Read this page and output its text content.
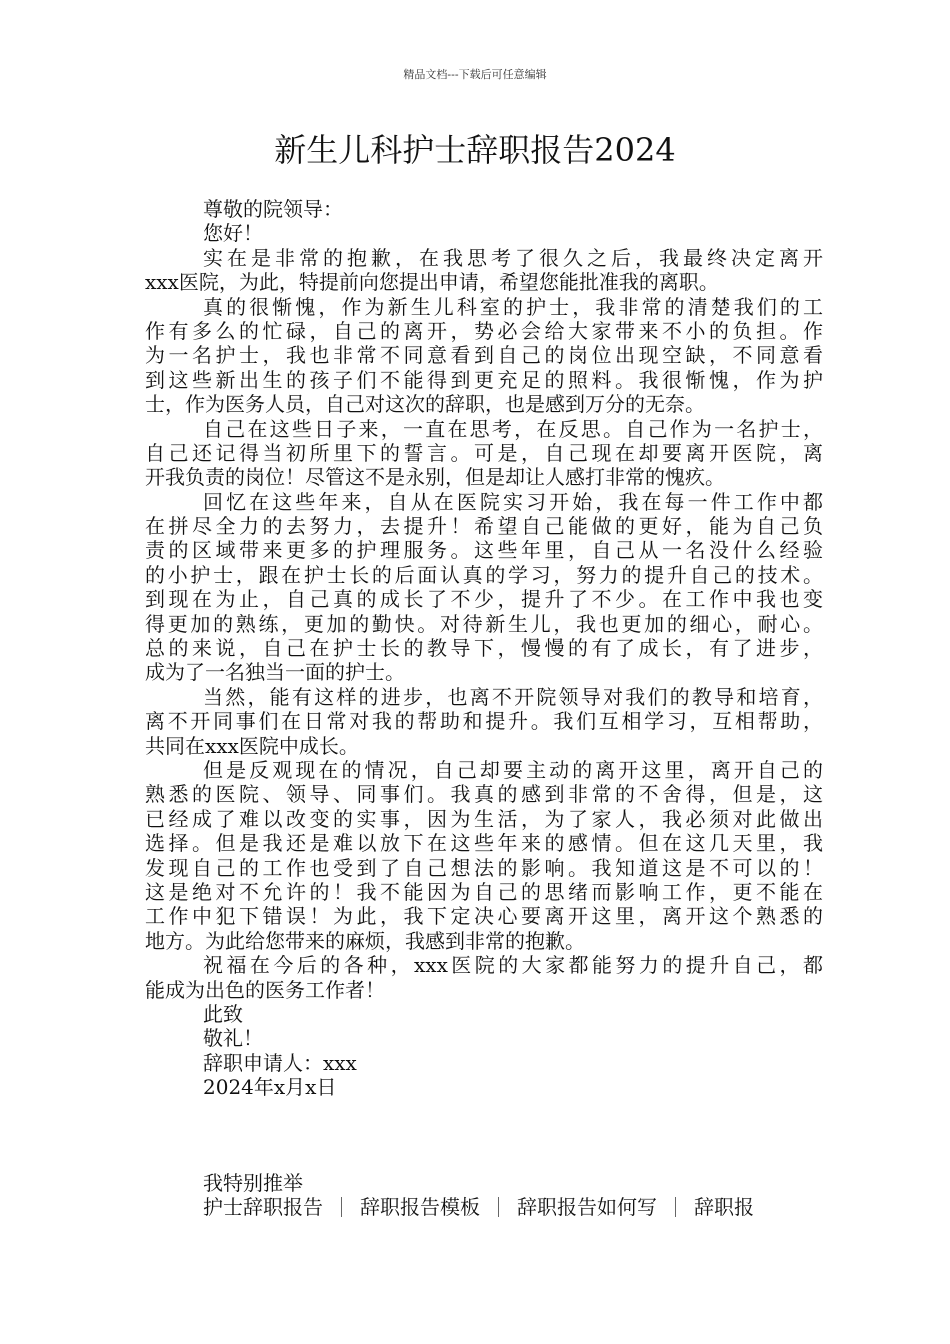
精品文档---下载后可任意编辑
新生儿科护士辞职报告2024
尊敬的院领导：
您好！
实在是非常的抱歉，在我思考了很久之后，我最终决定离开
xxx医院，为此，特提前向您提出申请，希望您能批准我的离职。
真的很惭愧，作为新生儿科室的护士，我非常的清楚我们的工
作有多么的忙碌，自己的离开，势必会给大家带来不小的负担。作
为一名护士，我也非常不同意看到自己的岗位出现空缺，不同意看
到这些新出生的孩子们不能得到更充足的照料。我很惭愧，作为护
士，作为医务人员，自己对这次的辞职，也是感到万分的无奈。
自己在这些日子来，一直在思考，在反思。自己作为一名护士，
自己还记得当初所里下的誓言。可是，自己现在却要离开医院，离
开我负责的岗位！尽管这不是永别，但是却让人感打非常的愧疚。
回忆在这些年来，自从在医院实习开始，我在每一件工作中都
在拼尽全力的去努力，去提升！希望自己能做的更好，能为自己负
责的区域带来更多的护理服务。这些年里，自己从一名没什么经验
的小护士，跟在护士长的后面认真的学习，努力的提升自己的技术。
到现在为止，自己真的成长了不少，提升了不少。在工作中我也变
得更加的熟练，更加的勤快。对待新生儿，我也更加的细心，耐心。
总的来说，自己在护士长的教导下，慢慢的有了成长，有了进步，
成为了一名独当一面的护士。
当然，能有这样的进步，也离不开院领导对我们的教导和培育，
离不开同事们在日常对我的帮助和提升。我们互相学习，互相帮助，
共同在xxx医院中成长。
但是反观现在的情况，自己却要主动的离开这里，离开自己的
熟悉的医院、领导、同事们。我真的感到非常的不舍得，但是，这
已经成了难以改变的实事，因为生活，为了家人，我必须对此做出
选择。但是我还是难以放下在这些年来的感情。但在这几天里，我
发现自己的工作也受到了自己想法的影响。我知道这是不可以的！
这是绝对不允许的！我不能因为自己的思绪而影响工作，更不能在
工作中犯下错误！为此，我下定决心要离开这里，离开这个熟悉的
地方。为此给您带来的麻烦，我感到非常的抱歉。
祝福在今后的各种，xxx医院的大家都能努力的提升自己，都
能成为出色的医务工作者！
此致
敬礼！
辞职申请人：xxx
2024年x月x日
我特别推举
护士辞职报告 辞职报告模板 辞职报告如何写 辞职报
